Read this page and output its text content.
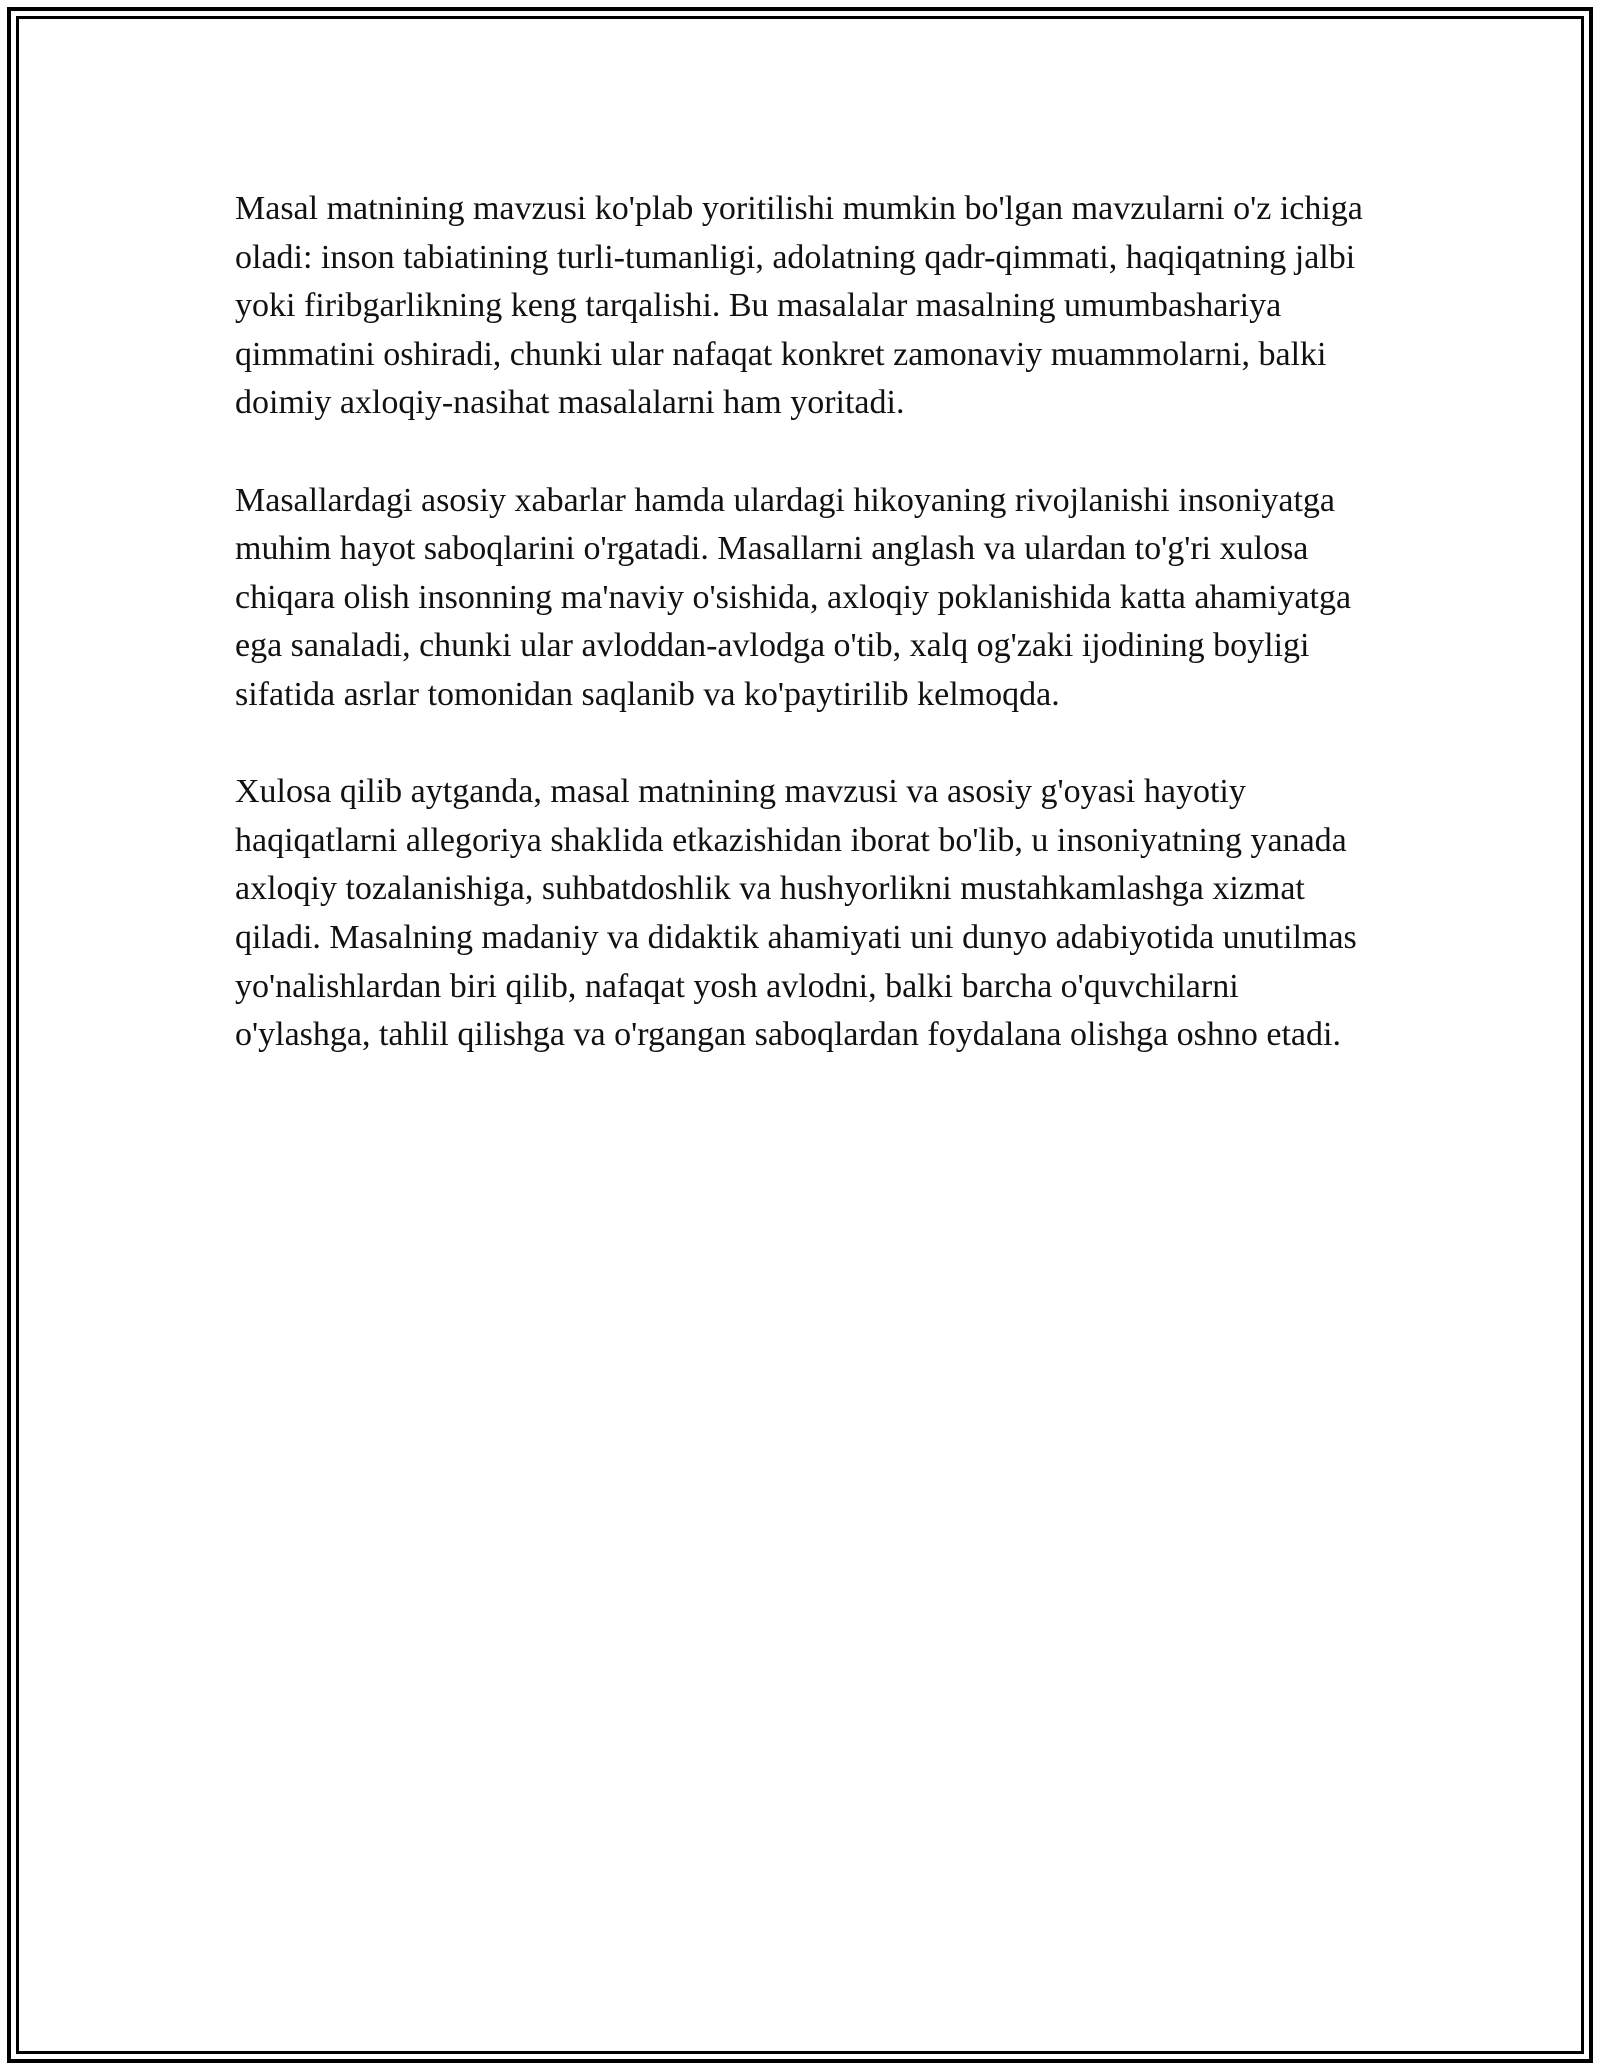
Masal matnining mavzusi ko'plab yoritilishi mumkin bo'lgan mavzularni o'z ichiga oladi: inson tabiatining turli-tumanligi, adolatning qadr-qimmati, haqiqatning jalbi yoki firibgarlikning keng tarqalishi. Bu masalalar masalning umumbashariya qimmatini oshiradi, chunki ular nafaqat konkret zamonaviy muammolarni, balki doimiy axloqiy-nasihat masalalarni ham yoritadi.

Masallardagi asosiy xabarlar hamda ulardagi hikoyaning rivojlanishi insoniyatga muhim hayot saboqlarini o'rgatadi. Masallarni anglash va ulardan to'g'ri xulosa chiqara olish insonning ma'naviy o'sishida, axloqiy poklanishida katta ahamiyatga ega sanaladi, chunki ular avloddan-avlodga o'tib, xalq og'zaki ijodining boyligi sifatida asrlar tomonidan saqlanib va ko'paytirilib kelmoqda.

Xulosa qilib aytganda, masal matnining mavzusi va asosiy g'oyasi hayotiy haqiqatlarni allegoriya shaklida etkazishidan iborat bo'lib, u insoniyatning yanada axloqiy tozalanishiga, suhbatdoshlik va hushyorlikni mustahkamlashga xizmat qiladi. Masalning madaniy va didaktik ahamiyati uni dunyo adabiyotida unutilmas yo'nalishlardan biri qilib, nafaqat yosh avlodni, balki barcha o'quvchilarni o'ylashga, tahlil qilishga va o'rgangan saboqlardan foydalana olishga oshno etadi.
